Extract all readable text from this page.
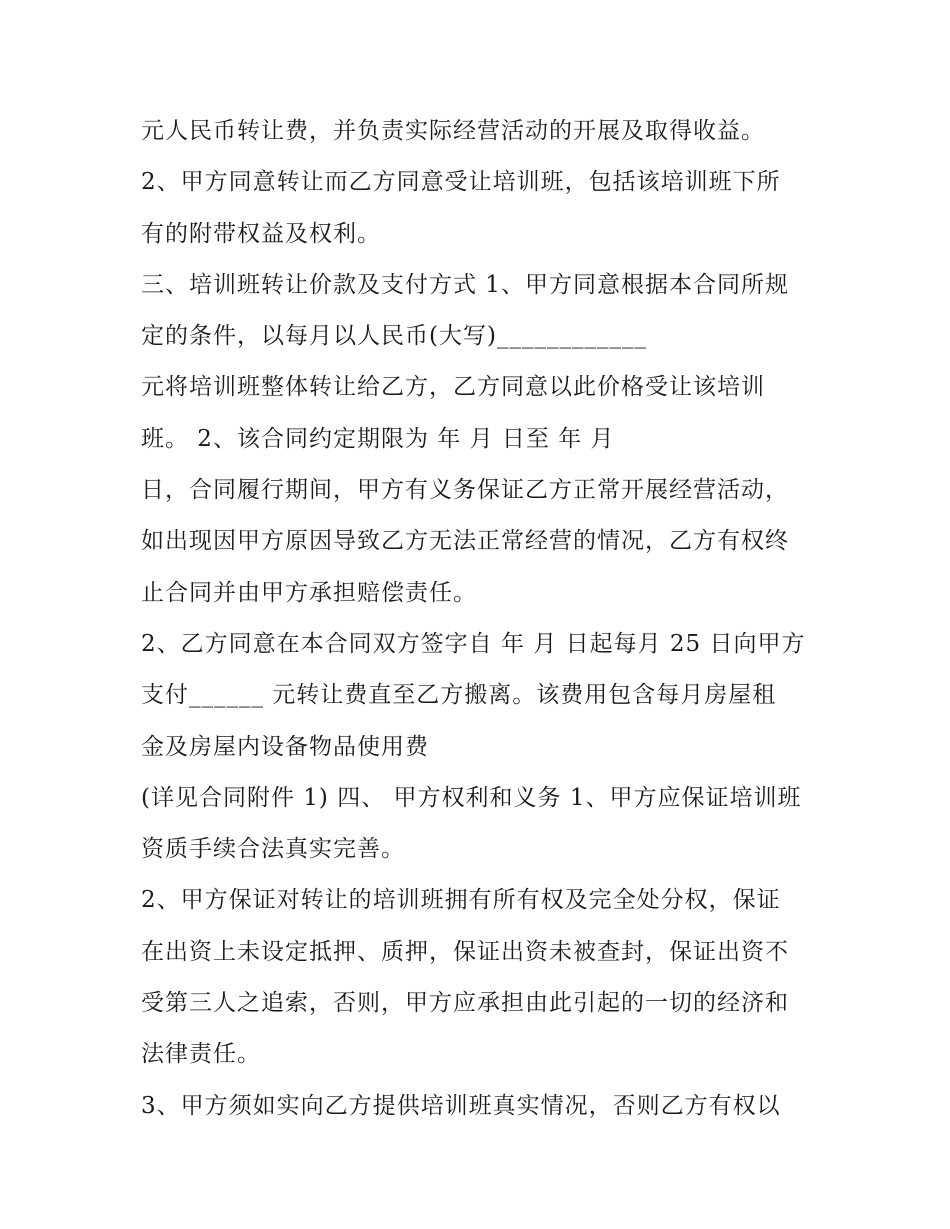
元人民币转让费，并负责实际经营活动的开展及取得收益。
2、甲方同意转让而乙方同意受让培训班，包括该培训班下所
有的附带权益及权利。
三、培训班转让价款及支付方式 1、甲方同意根据本合同所规
定的条件，以每月以人民币(大写)____________
元将培训班整体转让给乙方，乙方同意以此价格受让该培训
班。 2、该合同约定期限为 年 月 日至 年 月
日，合同履行期间，甲方有义务保证乙方正常开展经营活动，
如出现因甲方原因导致乙方无法正常经营的情况，乙方有权终
止合同并由甲方承担赔偿责任。
2、乙方同意在本合同双方签字自 年 月 日起每月 25 日向甲方
支付______ 元转让费直至乙方搬离。该费用包含每月房屋租
金及房屋内设备物品使用费
(详见合同附件 1) 四、 甲方权利和义务 1、甲方应保证培训班
资质手续合法真实完善。
2、甲方保证对转让的培训班拥有所有权及完全处分权，保证
在出资上未设定抵押、质押，保证出资未被查封，保证出资不
受第三人之追索，否则，甲方应承担由此引起的一切的经济和
法律责任。
3、甲方须如实向乙方提供培训班真实情况，否则乙方有权以
